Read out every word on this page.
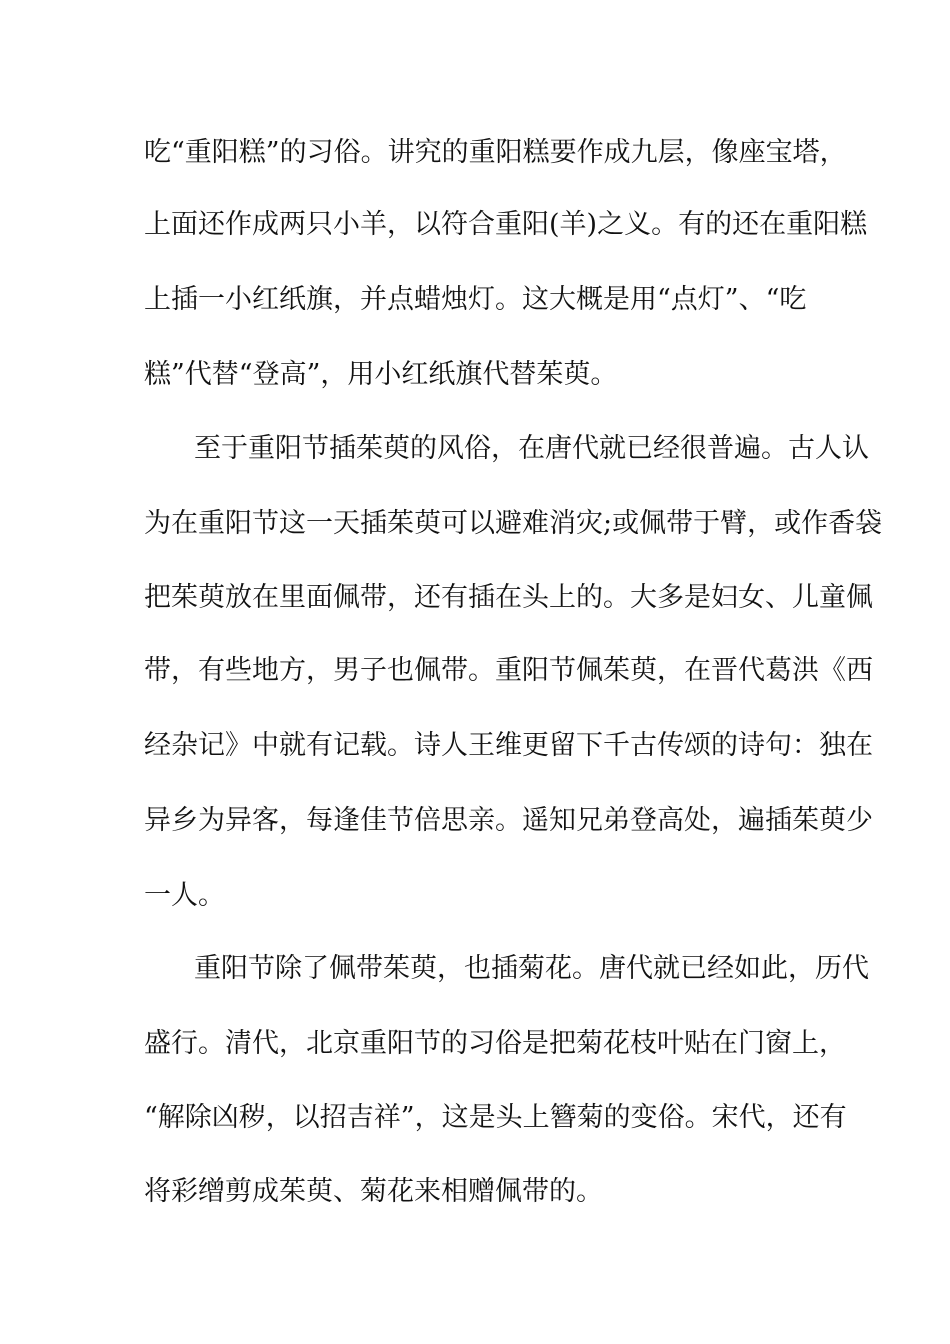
吃“重阳糕”的习俗。讲究的重阳糕要作成九层，像座宝塔，
上面还作成两只小羊，以符合重阳(羊)之义。有的还在重阳糕
上插一小红纸旗，并点蜡烛灯。这大概是用“点灯”、“吃
糕”代替“登高”，用小红纸旗代替茱萸。
至于重阳节插茱萸的风俗，在唐代就已经很普遍。古人认
为在重阳节这一天插茱萸可以避难消灾;或佩带于臂，或作香袋
把茱萸放在里面佩带，还有插在头上的。大多是妇女、儿童佩
带，有些地方，男子也佩带。重阳节佩茱萸，在晋代葛洪《西
经杂记》中就有记载。诗人王维更留下千古传颂的诗句：独在
异乡为异客，每逢佳节倍思亲。遥知兄弟登高处，遍插茱萸少
一人。
重阳节除了佩带茱萸，也插菊花。唐代就已经如此，历代
盛行。清代，北京重阳节的习俗是把菊花枝叶贴在门窗上，
“解除凶秽，以招吉祥”，这是头上簪菊的变俗。宋代，还有
将彩缯剪成茱萸、菊花来相赠佩带的。
